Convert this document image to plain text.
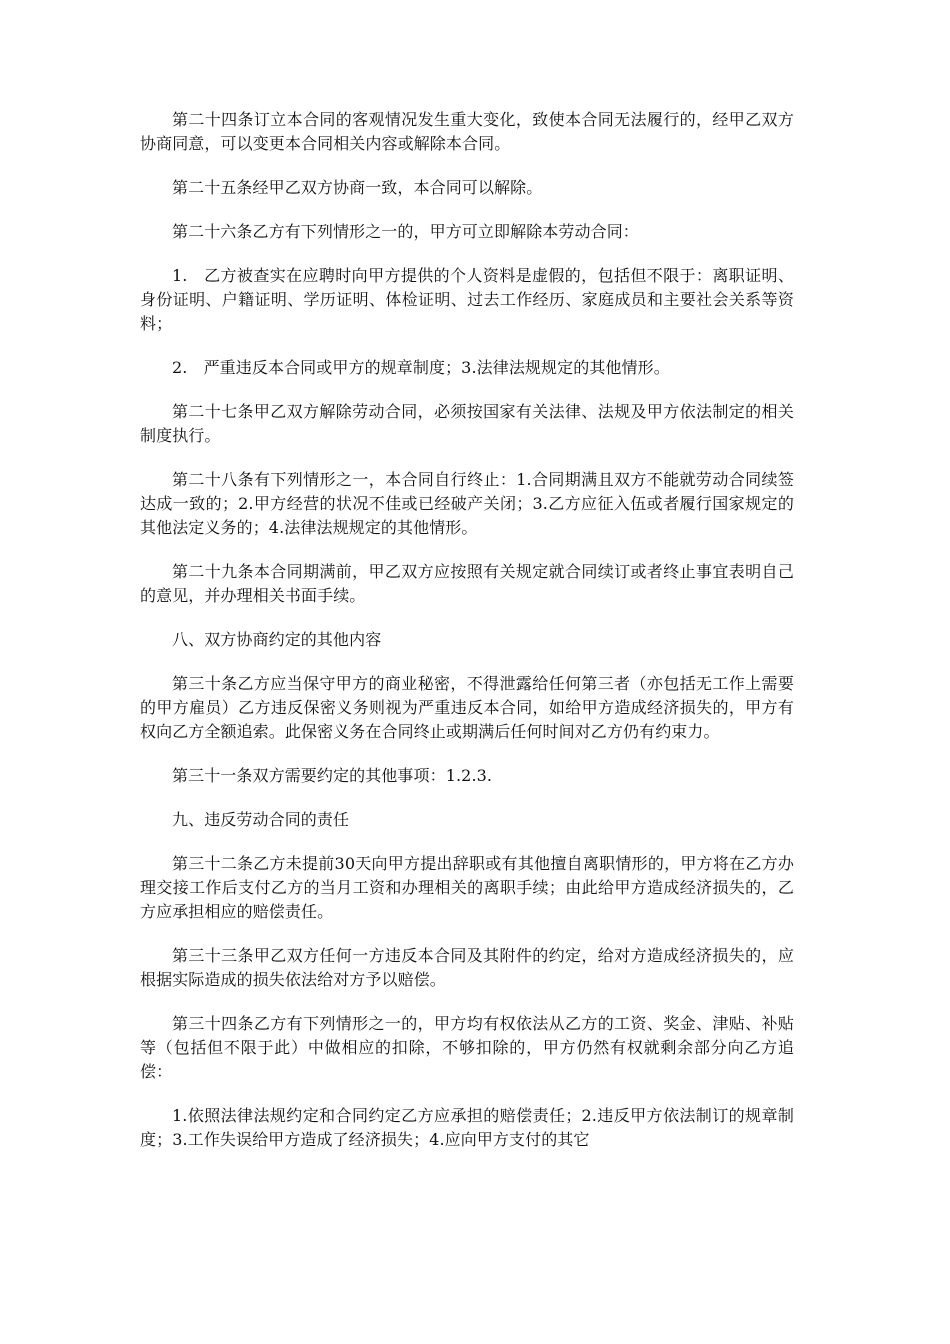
第二十四条订立本合同的客观情况发生重大变化，致使本合同无法履行的，经甲乙双方协商同意，可以变更本合同相关内容或解除本合同。

第二十五条经甲乙双方协商一致，本合同可以解除。

第二十六条乙方有下列情形之一的，甲方可立即解除本劳动合同：

1.　乙方被查实在应聘时向甲方提供的个人资料是虚假的，包括但不限于：离职证明、身份证明、户籍证明、学历证明、体检证明、过去工作经历、家庭成员和主要社会关系等资料；

2.　严重违反本合同或甲方的规章制度；3.法律法规规定的其他情形。

第二十七条甲乙双方解除劳动合同，必须按国家有关法律、法规及甲方依法制定的相关制度执行。

第二十八条有下列情形之一，本合同自行终止：1.合同期满且双方不能就劳动合同续签达成一致的；2.甲方经营的状况不佳或已经破产关闭；3.乙方应征入伍或者履行国家规定的其他法定义务的；4.法律法规规定的其他情形。

第二十九条本合同期满前，甲乙双方应按照有关规定就合同续订或者终止事宜表明自己的意见，并办理相关书面手续。

八、双方协商约定的其他内容

第三十条乙方应当保守甲方的商业秘密，不得泄露给任何第三者（亦包括无工作上需要的甲方雇员）乙方违反保密义务则视为严重违反本合同，如给甲方造成经济损失的，甲方有权向乙方全额追索。此保密义务在合同终止或期满后任何时间对乙方仍有约束力。

第三十一条双方需要约定的其他事项：1.2.3.

九、违反劳动合同的责任

第三十二条乙方未提前30天向甲方提出辞职或有其他擅自离职情形的，甲方将在乙方办理交接工作后支付乙方的当月工资和办理相关的离职手续；由此给甲方造成经济损失的，乙方应承担相应的赔偿责任。

第三十三条甲乙双方任何一方违反本合同及其附件的约定，给对方造成经济损失的，应根据实际造成的损失依法给对方予以赔偿。

第三十四条乙方有下列情形之一的，甲方均有权依法从乙方的工资、奖金、津贴、补贴等（包括但不限于此）中做相应的扣除，不够扣除的，甲方仍然有权就剩余部分向乙方追偿：

1.依照法律法规约定和合同约定乙方应承担的赔偿责任；2.违反甲方依法制订的规章制度；3.工作失误给甲方造成了经济损失；4.应向甲方支付的其它
